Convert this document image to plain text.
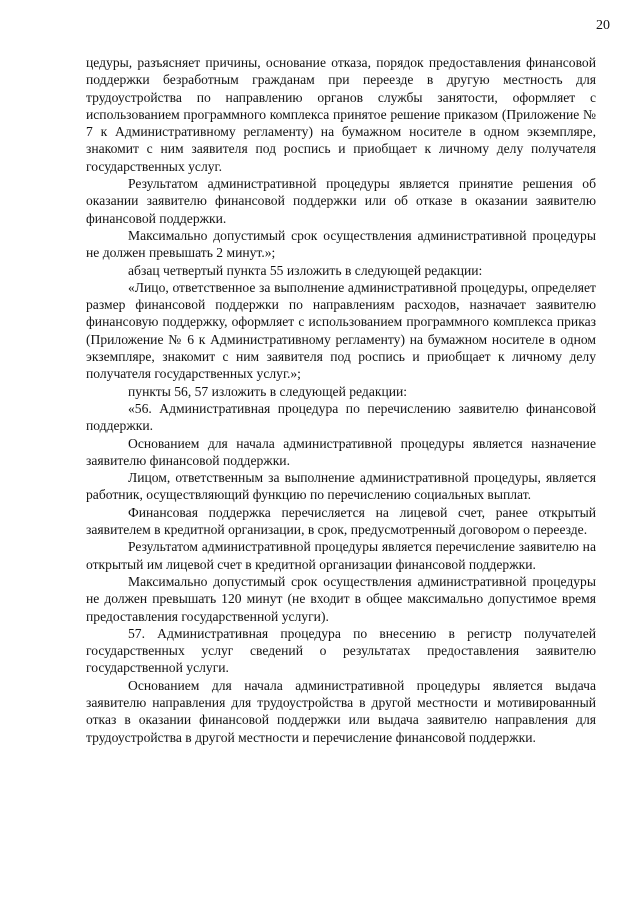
20

цедуры, разъясняет причины, основание отказа, порядок предоставления финансовой поддержки безработным гражданам при переезде в другую местность для трудоустройства по направлению органов службы занятости, оформляет с использованием программного комплекса принятое решение приказом (Приложение № 7 к Административному регламенту) на бумажном носителе в одном экземпляре, знакомит с ним заявителя под роспись и приобщает к личному делу получателя государственных услуг.

Результатом административной процедуры является принятие решения об оказании заявителю финансовой поддержки или об отказе в оказании заявителю финансовой поддержки.

Максимально допустимый срок осуществления административной процедуры не должен превышать 2 минут.»;

абзац четвертый пункта 55 изложить в следующей редакции:

«Лицо, ответственное за выполнение административной процедуры, определяет размер финансовой поддержки по направлениям расходов, назначает заявителю финансовую поддержку, оформляет с использованием программного комплекса приказ (Приложение № 6 к Административному регламенту) на бумажном носителе в одном экземпляре, знакомит с ним заявителя под роспись и приобщает к личному делу получателя государственных услуг.»;

пункты 56, 57 изложить в следующей редакции:

«56. Административная процедура по перечислению заявителю финансовой поддержки.

Основанием для начала административной процедуры является назначение заявителю финансовой поддержки.

Лицом, ответственным за выполнение административной процедуры, является работник, осуществляющий функцию по перечислению социальных выплат.

Финансовая поддержка перечисляется на лицевой счет, ранее открытый заявителем в кредитной организации, в срок, предусмотренный договором о переезде.

Результатом административной процедуры является перечисление заявителю на открытый им лицевой счет в кредитной организации финансовой поддержки.

Максимально допустимый срок осуществления административной процедуры не должен превышать 120 минут (не входит в общее максимально допустимое время предоставления государственной услуги).

57. Административная процедура по внесению в регистр получателей государственных услуг сведений о результатах предоставления заявителю государственной услуги.

Основанием для начала административной процедуры является выдача заявителю направления для трудоустройства в другой местности и мотивированный отказ в оказании финансовой поддержки или выдача заявителю направления для трудоустройства в другой местности и перечисление финансовой поддержки.
